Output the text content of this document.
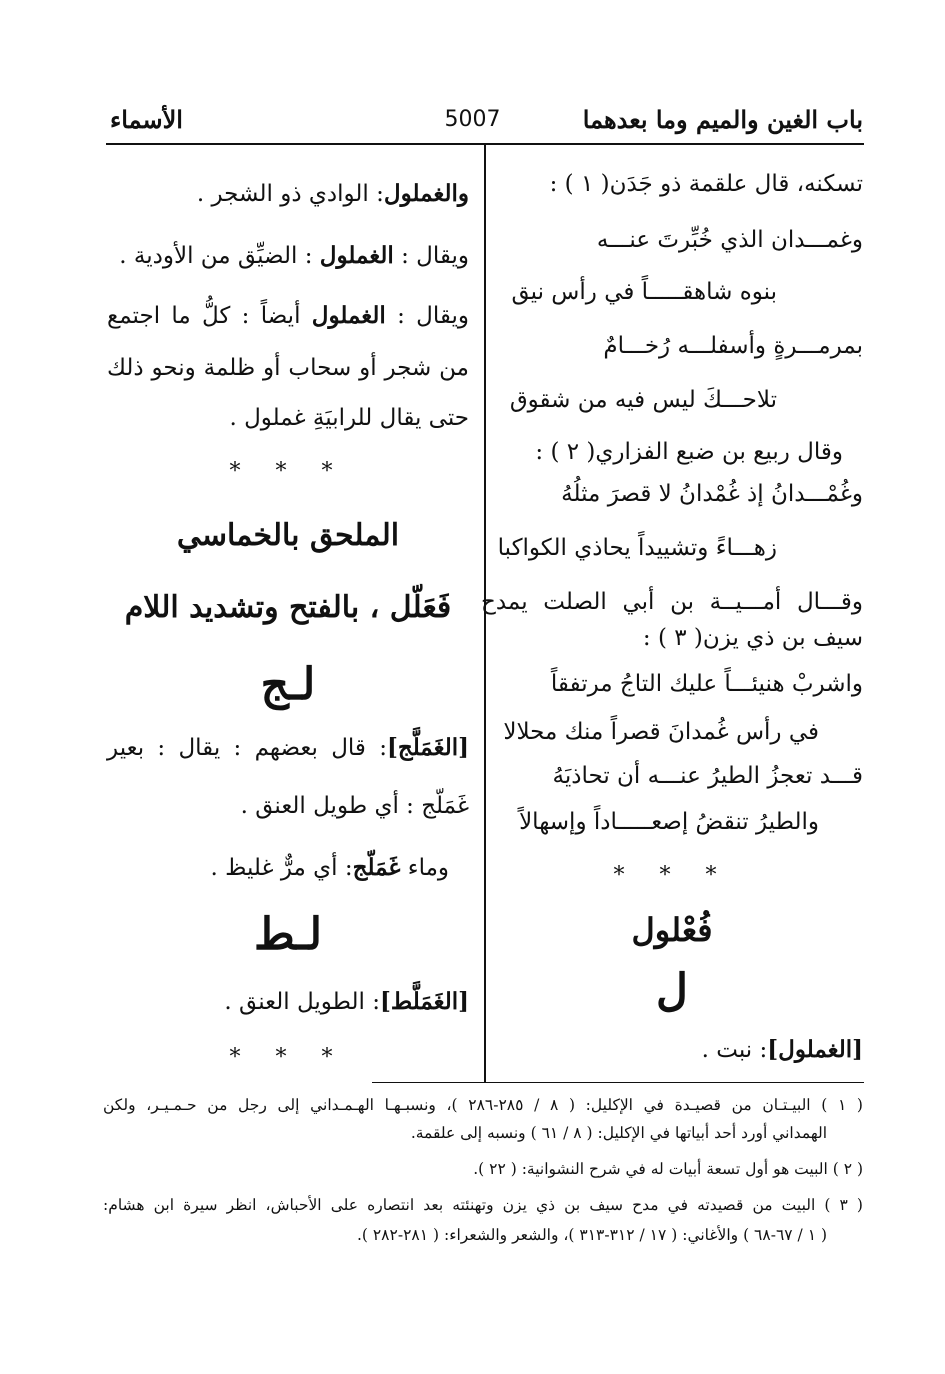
باب الغين والميم وما بعدهما
5007
الأسماء
تسكنه، قال علقمة ذو جَدَن( ١ ) :
وغمـــدان الذي خُبِّرتَ عنـــه
بنوه شاهقـــــاً في رأس نيق
بمرمـــرةٍ وأسفلـــه رُخـــامٌ
تلاحـــكَ ليس فيه من شقوق
وقال ربيع بن ضبع الفزاري( ٢ ) :
وغُمْـــدانُ إذ غُمْدانُ لا قصرَ مثلُهُ
زهـــاءً وتشييداً يحاذي الكواكبا
وقـــال أمـــيــة بن أبي الصلت يمدح
سيف بن ذي يزن( ٣ ) :
واشربْ هنيئـــاً عليك التاجُ مرتفقاً
في رأس غُمدانَ قصراً منك محلالا
قـــد تعجزُ الطيرُ عنـــه أن تحاذيَهُ
والطيرُ تنقضُ إصعـــــاداً وإسهالاً
* * *
فُعْلول
ل
[الغملول]: نبت .
والغملول: الوادي ذو الشجر .
ويقال : الغملول : الضيِّق من الأودية .
ويقال : الغملول أيضاً : كلُّ ما اجتمع
من شجر أو سحاب أو ظلمة ونحو ذلك
حتى يقال للرابيَةِ غملول .
* * *
الملحق بالخماسي
فَعَلّل ، بالفتح وتشديد اللام
لـج
[الغَمَلَّج]: قال بعضهم : يقال : بعير
غَمَلّج : أي طويل العنق .
وماء غَمَلّج: أي مرٌّ غليظ .
لـط
[الغَمَلَّط]: الطويل العنق .
* * *
( ١ ) البيـتـان من قصيـدة في الإكليل: ( ٨ / ٢٨٥-٢٨٦ )، ونسبـهـا الهـمـداني إلى رجل من حـمـيـر، ولكن
الهمداني أورد أحد أبياتها في الإكليل: ( ٨ / ٦١ ) ونسبه إلى علقمة.
( ٢ ) البيت هو أول تسعة أبيات له في شرح النشوانية: ( ٢٢ ).
( ٣ ) البيت من قصيدته في مدح سيف بن ذي يزن وتهنئته بعد انتصاره على الأحباش، انظر سيرة ابن هشام:
( ١ / ٦٧-٦٨ ) والأغاني: ( ١٧ / ٣١٢-٣١٣ )، والشعر والشعراء: ( ٢٨١-٢٨٢ ).
